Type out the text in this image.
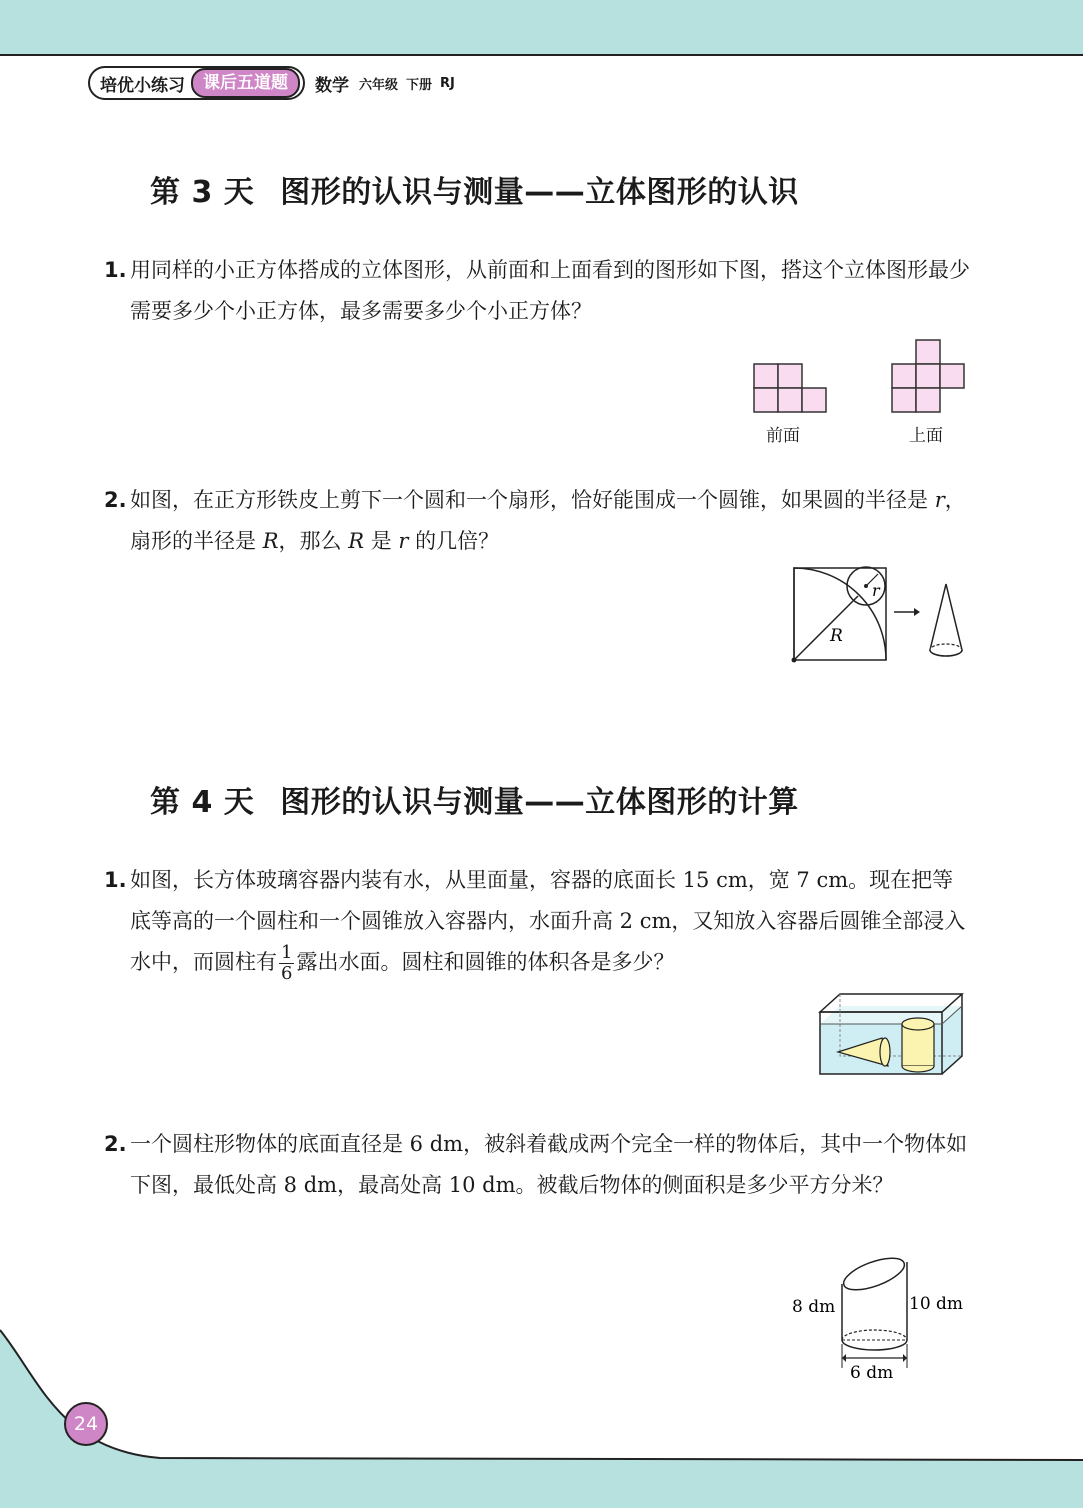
培优小练习	课后五道题	数学 六年级 下册 RJ
第 3 天 图形的认识与测量——立体图形的认识
1. 用同样的小正方体搭成的立体图形，从前面和上面看到的图形如下图，搭这个立体图形最少需要多少个小正方体，最多需要多少个小正方体？
前面	上面
2. 如图，在正方形铁皮上剪下一个圆和一个扇形，恰好能围成一个圆锥，如果圆的半径是 r，扇形的半径是 R，那么 R 是 r 的几倍？
r
R
第 4 天 图形的认识与测量——立体图形的计算
1. 如图，长方体玻璃容器内装有水，从里面量，容器的底面长 15 cm，宽 7 cm。现在把等底等高的一个圆柱和一个圆锥放入容器内，水面升高 2 cm，又知放入容器后圆锥全部浸入水中，而圆柱有 $\frac{1}{6}$ 露出水面。圆柱和圆锥的体积各是多少？
2. 一个圆柱形物体的底面直径是 6 dm，被斜着截成两个完全一样的物体后，其中一个物体如下图，最低处高 8 dm，最高处高 10 dm。被截后物体的侧面积是多少平方分米？
8 dm	10 dm
6 dm
24
